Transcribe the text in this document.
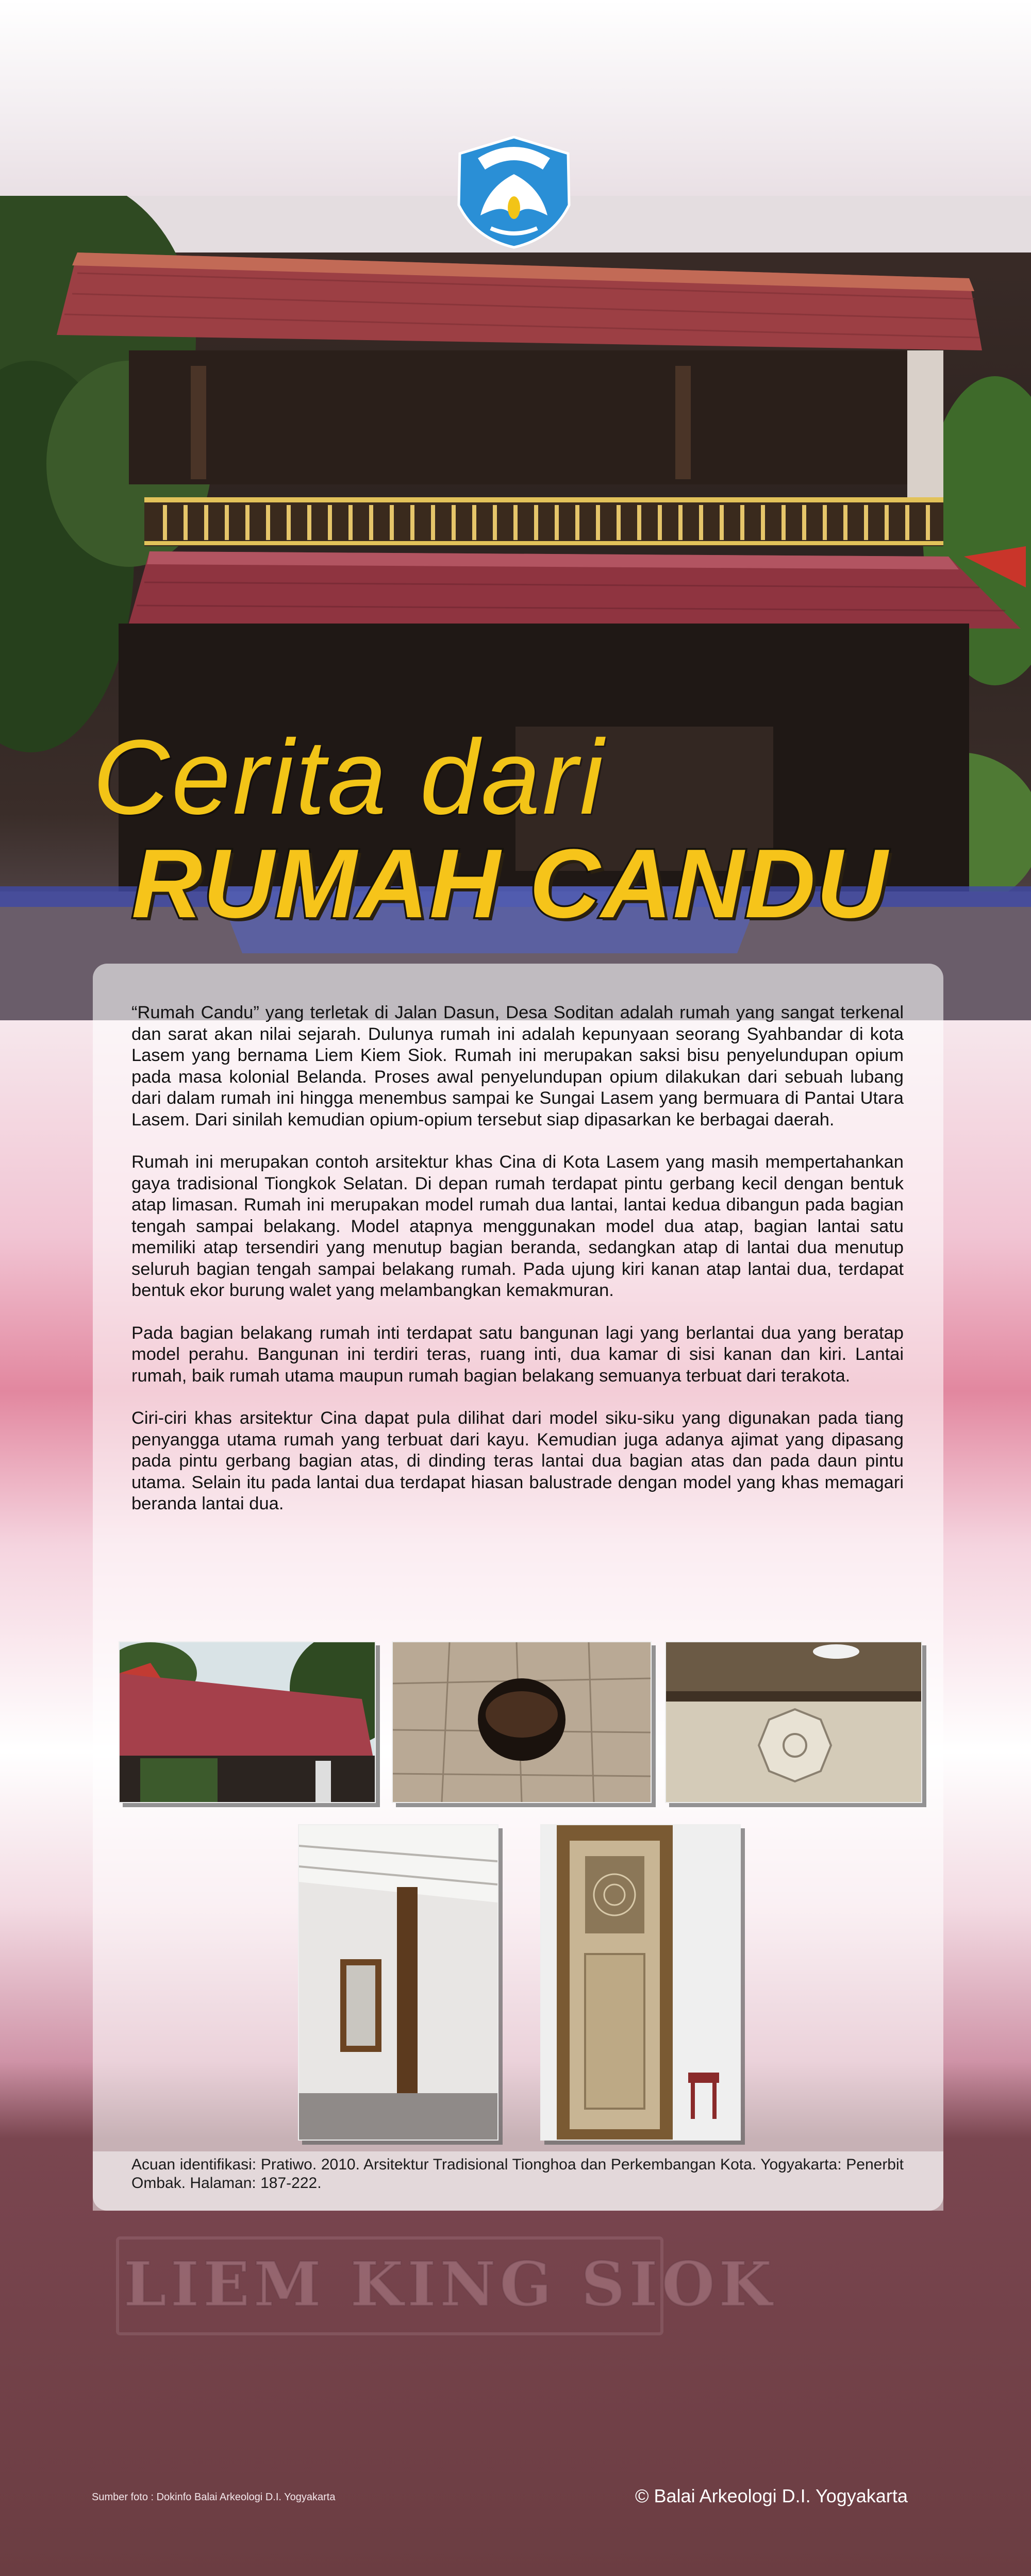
Cerita dari
RUMAH CANDU

“Rumah Candu” yang terletak di Jalan Dasun, Desa Soditan adalah rumah yang sangat terkenal dan sarat akan nilai sejarah. Dulunya rumah ini adalah kepunyaan seorang Syahbandar di kota Lasem yang bernama Liem Kiem Siok. Rumah ini merupakan saksi bisu penyelundupan opium pada masa kolonial Belanda. Proses awal penyelundupan opium dilakukan dari sebuah lubang dari dalam rumah ini hingga menembus sampai ke Sungai Lasem yang bermuara di Pantai Utara Lasem. Dari sinilah kemudian opium-opium tersebut siap dipasarkan ke berbagai daerah.

Rumah ini merupakan contoh arsitektur khas Cina di Kota Lasem yang masih mempertahankan gaya tradisional Tiongkok Selatan. Di depan rumah terdapat pintu gerbang kecil dengan bentuk atap limasan. Rumah ini merupakan model rumah dua lantai, lantai kedua dibangun pada bagian tengah sampai belakang. Model atapnya menggunakan model dua atap, bagian lantai satu memiliki atap tersendiri yang menutup bagian beranda, sedangkan atap di lantai dua menutup seluruh bagian tengah sampai belakang rumah. Pada ujung kiri kanan atap lantai dua, terdapat bentuk ekor burung walet yang melambangkan kemakmuran.

Pada bagian belakang rumah inti terdapat satu bangunan lagi yang berlantai dua yang beratap model perahu. Bangunan ini terdiri teras, ruang inti, dua kamar di sisi kanan dan kiri. Lantai rumah, baik rumah utama maupun rumah bagian belakang semuanya terbuat dari terakota.

Ciri-ciri khas arsitektur Cina dapat pula dilihat dari model siku-siku yang digunakan pada tiang penyangga utama rumah yang terbuat dari kayu. Kemudian juga adanya ajimat yang dipasang pada pintu gerbang bagian atas, di dinding teras lantai dua bagian atas dan pada daun pintu utama. Selain itu pada lantai dua terdapat hiasan balustrade dengan model yang khas memagari beranda lantai dua.

Acuan identifikasi: Pratiwo. 2010. Arsitektur Tradisional Tionghoa dan Perkembangan Kota. Yogyakarta: Penerbit Ombak. Halaman: 187-222.
LIEM KING SIOK
Sumber foto : Dokinfo Balai Arkeologi D.I. Yogyakarta	© Balai Arkeologi D.I. Yogyakarta
